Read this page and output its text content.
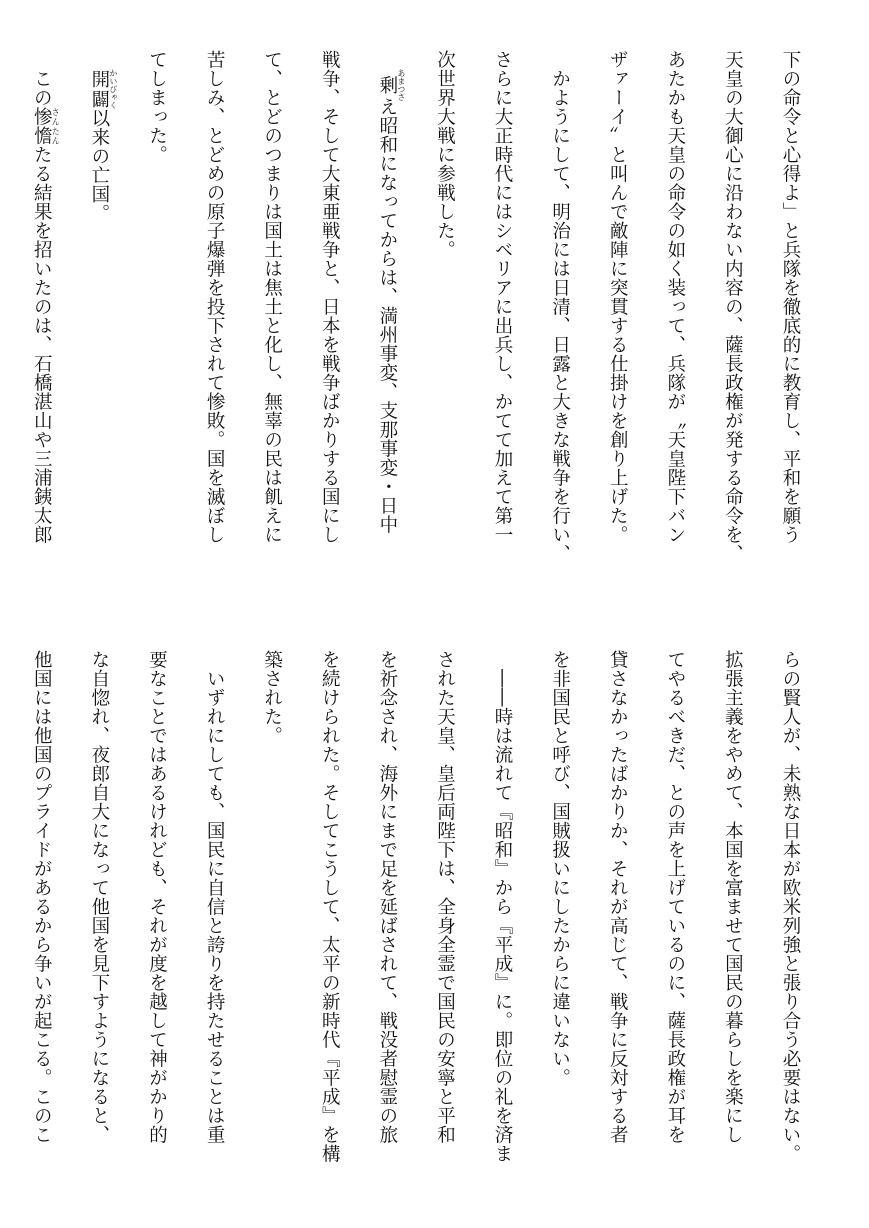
下の命令と心得よ」と兵隊を徹底的に教育し、平和を願う
天皇の大御心に沿わない内容の、薩長政権が発する命令を、
あたかも天皇の命令の如く装って、兵隊が〝天皇陛下バン
ザァーイ〟と叫んで敵陣に突貫する仕掛けを創り上げた。
かようにして、明治には日清、日露と大きな戦争を行い、
さらに大正時代にはシベリアに出兵し、かてて加えて第一
次世界大戦に参戦した。
剰 あまつさえ昭和になってからは、満州事変、支那事変・日中
戦争、そして大東亜戦争と、日本を戦争ばかりする国にし
て、とどのつまりは国土は焦土と化し、無辜の民は飢えに
苦しみ、とどめの原子爆弾を投下されて惨敗。国を滅ぼし
てしまった。
開闢 かいびゃく以来の亡国。
この惨憺 さんたんたる結果を招いたのは、石橋湛山や三浦銕太郎
らの賢人が、未熟な日本が欧米列強と張り合う必要はない。
拡張主義をやめて、本国を富ませて国民の暮らしを楽にし
てやるべきだ、との声を上げているのに、薩長政権が耳を
貸さなかったばかりか、それが高じて、戦争に反対する者
を非国民と呼び、国賊扱いにしたからに違いない。
――時は流れて『昭和』から『平成』に。即位の礼を済ま
された天皇、皇后両陛下は、全身全霊で国民の安寧と平和
を祈念され、海外にまで足を延ばされて、戦没者慰霊の旅
を続けられた。そしてこうして、太平の新時代『平成』を構
築された。
いずれにしても、国民に自信と誇りを持たせることは重
要なことではあるけれども、それが度を越して神がかり的
な自惚れ、夜郎自大になって他国を見下すようになると、
他国には他国のプライドがあるから争いが起こる。このこ
